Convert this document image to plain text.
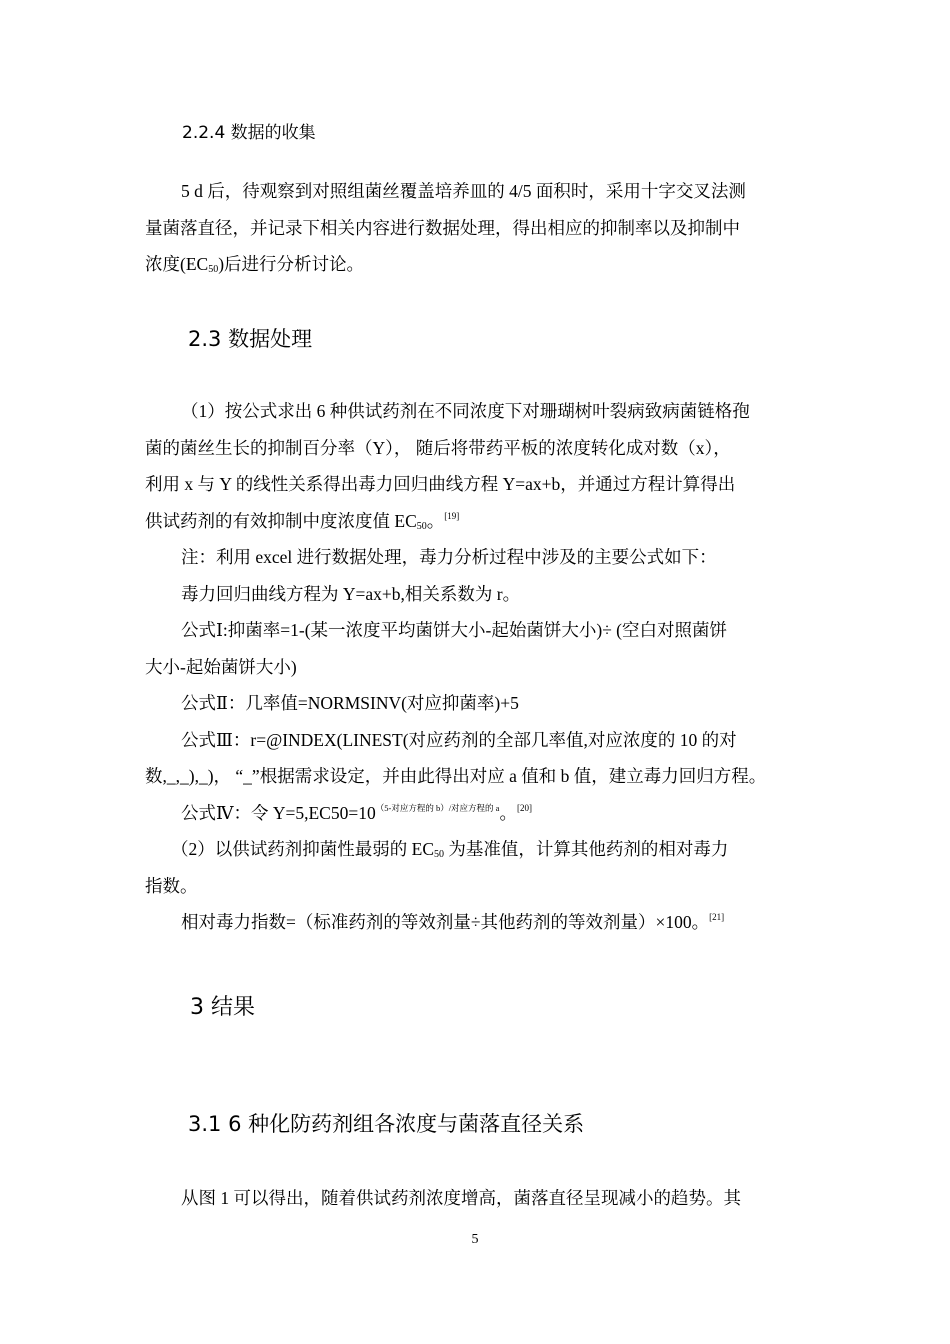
2.2.4 数据的收集
5 d 后，待观察到对照组菌丝覆盖培养皿的 4/5 面积时，采用十字交叉法测
量菌落直径，并记录下相关内容进行数据处理，得出相应的抑制率以及抑制中
浓度$(EC_{50})$后进行分析讨论。
2.3 数据处理
（1）按公式求出 6 种供试药剂在不同浓度下对珊瑚树叶裂病致病菌链格孢
菌的菌丝生长的抑制百分率（Y）， 随后将带药平板的浓度转化成对数（x），
利用 x 与 Y 的线性关系得出毒力回归曲线方程 Y=ax+b，并通过方程计算得出
供试药剂的有效抑制中度浓度值 $EC_{50}$。[19]
注：利用 excel 进行数据处理，毒力分析过程中涉及的主要公式如下：
毒力回归曲线方程为 Y=ax+b,相关系数为 r。
公式Ⅰ:抑菌率=1-(某一浓度平均菌饼大小-起始菌饼大小)÷ (空白对照菌饼
大小-起始菌饼大小)
公式Ⅱ：几率值=NORMSINV(对应抑菌率)+5
公式Ⅲ：r=@INDEX(LINEST(对应药剂的全部几率值,对应浓度的 10 的对
数,_,_),_)， “_”根据需求设定，并由此得出对应 a 值和 b 值，建立毒力回归方程。
公式Ⅳ：令 $Y=5,EC50=10^{(5-对应方程的 b)/对应方程的 a}$。[20]
（2）以供试药剂抑菌性最弱的 $EC_{50}$ 为基准值，计算其他药剂的相对毒力
指数。
相对毒力指数=（标准药剂的等效剂量÷其他药剂的等效剂量）×100。[21]
3 结果
3.1 6 种化防药剂组各浓度与菌落直径关系
从图 1 可以得出，随着供试药剂浓度增高，菌落直径呈现减小的趋势。其
5
